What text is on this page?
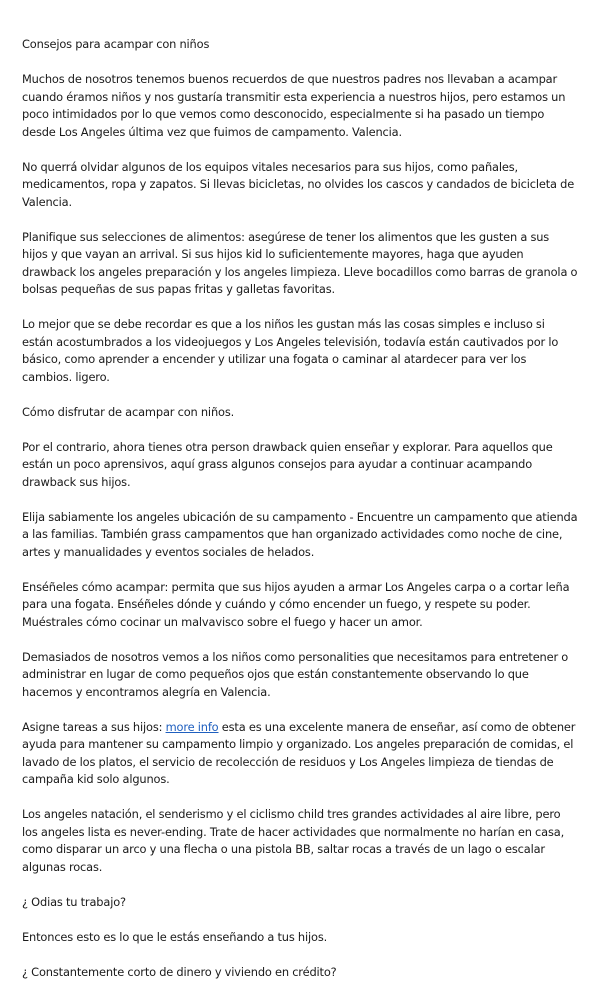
Consejos para acampar con niños

Muchos de nosotros tenemos buenos recuerdos de que nuestros padres nos llevaban a acampar cuando éramos niños y nos gustaría transmitir esta experiencia a nuestros hijos, pero estamos un poco intimidados por lo que vemos como desconocido, especialmente si ha pasado un tiempo desde Los Angeles última vez que fuimos de campamento. Valencia.

No querrá olvidar algunos de los equipos vitales necesarios para sus hijos, como pañales, medicamentos, ropa y zapatos. Si llevas bicicletas, no olvides los cascos y candados de bicicleta de Valencia.

Planifique sus selecciones de alimentos: asegúrese de tener los alimentos que les gusten a sus hijos y que vayan an arrival. Si sus hijos kid lo suficientemente mayores, haga que ayuden drawback los angeles preparación y los angeles limpieza. Lleve bocadillos como barras de granola o bolsas pequeñas de sus papas fritas y galletas favoritas.

Lo mejor que se debe recordar es que a los niños les gustan más las cosas simples e incluso si están acostumbrados a los videojuegos y Los Angeles televisión, todavía están cautivados por lo básico, como aprender a encender y utilizar una fogata o caminar al atardecer para ver los cambios. ligero.

Cómo disfrutar de acampar con niños.

Por el contrario, ahora tienes otra person drawback quien enseñar y explorar. Para aquellos que están un poco aprensivos, aquí grass algunos consejos para ayudar a continuar acampando drawback sus hijos.

Elija sabiamente los angeles ubicación de su campamento - Encuentre un campamento que atienda a las familias. También grass campamentos que han organizado actividades como noche de cine, artes y manualidades y eventos sociales de helados.

Enséñeles cómo acampar: permita que sus hijos ayuden a armar Los Angeles carpa o a cortar leña para una fogata. Enséñeles dónde y cuándo y cómo encender un fuego, y respete su poder. Muéstrales cómo cocinar un malvavisco sobre el fuego y hacer un amor.

Demasiados de nosotros vemos a los niños como personalities que necesitamos para entretener o administrar en lugar de como pequeños ojos que están constantemente observando lo que hacemos y encontramos alegría en Valencia.

Asigne tareas a sus hijos: more info esta es una excelente manera de enseñar, así como de obtener ayuda para mantener su campamento limpio y organizado. Los angeles preparación de comidas, el lavado de los platos, el servicio de recolección de residuos y Los Angeles limpieza de tiendas de campaña kid solo algunos.

Los angeles natación, el senderismo y el ciclismo child tres grandes actividades al aire libre, pero los angeles lista es never-ending. Trate de hacer actividades que normalmente no harían en casa, como disparar un arco y una flecha o una pistola BB, saltar rocas a través de un lago o escalar algunas rocas.

¿ Odias tu trabajo?

Entonces esto es lo que le estás enseñando a tus hijos.

¿ Constantemente corto de dinero y viviendo en crédito?
